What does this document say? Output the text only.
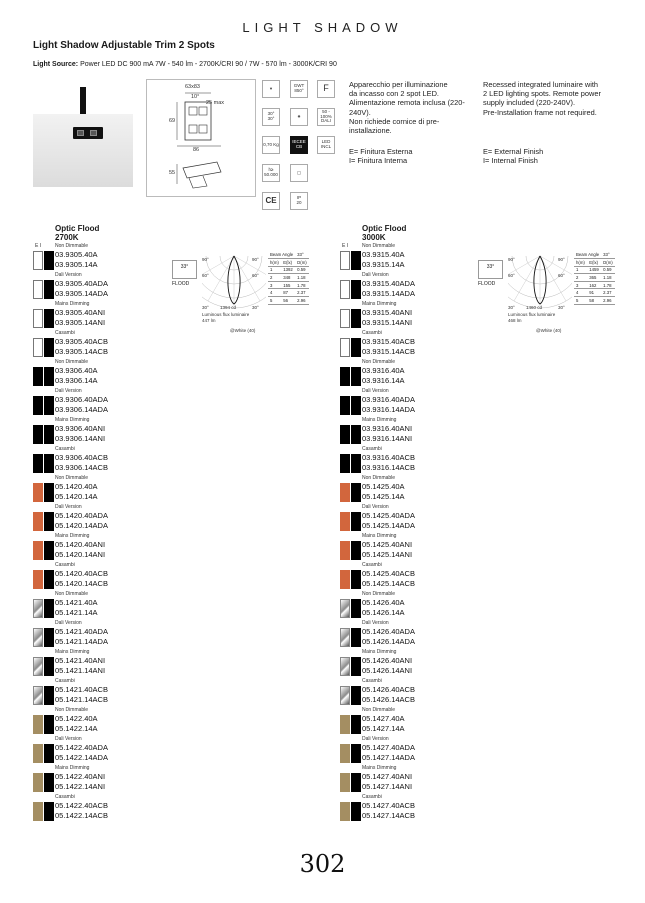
LIGHT SHADOW
Light Shadow Adjustable Trim 2 Spots
Light Source: Power LED DC 900 mA 7W - 540 lm - 2700K/CRI 90 / 7W - 570 lm - 3000K/CRI 90
63x83
10°
25 max
69
86
55
▾	GWT 850°	F
30°
30°	✷
50 - 100% DALI
0,70 Kg	IECEE CB
LED INCL
h≥ 50.000	▢
CE	IP
20
Apparecchio per illuminazione
da incasso con 2 spot LED.
Alimentazione remota inclusa (220-
240V).
Non richiede cornice di pre-
installazione.
E= Finitura Esterna
I= Finitura Interna
Recessed integrated luminaire with
2 LED lighting spots. Remote power
supply included (220-240V).
Pre-Installation frame not required.
E= External Finish
I= Internal Finish
Optic Flood
2700K
E I
33°
FLOOD
90°	90°
60°	60°
30° 1394 cd	30°
Luminous flux luminaire
447 lm
@White (40)
Beam Angle		33°
h(m)	E(lx)	D(m)
1	1392	0.59
2	348	1.18
3	155	1.78
4	87	2.37
5	56	2.96
Non Dimmable
03.9305.40A
03.9305.14A
Dali Version
03.9305.40ADA
03.9305.14ADA
Mains Dimming
03.9305.40ANI
03.9305.14ANI
Casambi
03.9305.40ACB
03.9305.14ACB
Non Dimmable
03.9306.40A
03.9306.14A
Dali Version
03.9306.40ADA
03.9306.14ADA
Mains Dimming
03.9306.40ANI
03.9306.14ANI
Casambi
03.9306.40ACB
03.9306.14ACB
Non Dimmable
05.1420.40A
05.1420.14A
Dali Version
05.1420.40ADA
05.1420.14ADA
Mains Dimming
05.1420.40ANI
05.1420.14ANI
Casambi
05.1420.40ACB
05.1420.14ACB
Non Dimmable
05.1421.40A
05.1421.14A
Dali Version
05.1421.40ADA
05.1421.14ADA
Mains Dimming
05.1421.40ANI
05.1421.14ANI
Casambi
05.1421.40ACB
05.1421.14ACB
Non Dimmable
05.1422.40A
05.1422.14A
Dali Version
05.1422.40ADA
05.1422.14ADA
Mains Dimming
05.1422.40ANI
05.1422.14ANI
Casambi
05.1422.40ACB
05.1422.14ACB
Optic Flood
3000K
E I
33°
FLOOD
90°	90°
60°	60°
30° 1460 cd	30°
Luminous flux luminaire
468 lm
@White (40)
Beam Angle		33°
h(m)	E(lx)	D(m)
1	1459	0.59
2	365	1.18
3	162	1.78
4	91	2.37
5	58	2.96
Non Dimmable
03.9315.40A
03.9315.14A
Dali Version
03.9315.40ADA
03.9315.14ADA
Mains Dimming
03.9315.40ANI
03.9315.14ANI
Casambi
03.9315.40ACB
03.9315.14ACB
Non Dimmable
03.9316.40A
03.9316.14A
Dali Version
03.9316.40ADA
03.9316.14ADA
Mains Dimming
03.9316.40ANI
03.9316.14ANI
Casambi
03.9316.40ACB
03.9316.14ACB
Non Dimmable
05.1425.40A
05.1425.14A
Dali Version
05.1425.40ADA
05.1425.14ADA
Mains Dimming
05.1425.40ANI
05.1425.14ANI
Casambi
05.1425.40ACB
05.1425.14ACB
Non Dimmable
05.1426.40A
05.1426.14A
Dali Version
05.1426.40ADA
05.1426.14ADA
Mains Dimming
05.1426.40ANI
05.1426.14ANI
Casambi
05.1426.40ACB
05.1426.14ACB
Non Dimmable
05.1427.40A
05.1427.14A
Dali Version
05.1427.40ADA
05.1427.14ADA
Mains Dimming
05.1427.40ANI
05.1427.14ANI
Casambi
05.1427.40ACB
05.1427.14ACB
302
